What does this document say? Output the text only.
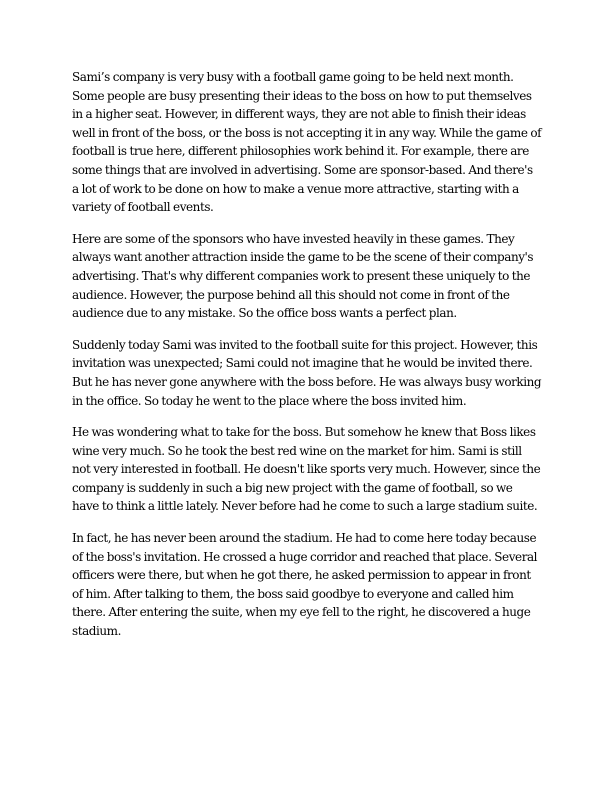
Sami’s company is very busy with a football game going to be held next month. Some people are busy presenting their ideas to the boss on how to put themselves in a higher seat. However, in different ways, they are not able to finish their ideas well in front of the boss, or the boss is not accepting it in any way. While the game of football is true here, different philosophies work behind it. For example, there are some things that are involved in advertising. Some are sponsor-based. And there's a lot of work to be done on how to make a venue more attractive, starting with a variety of football events.

Here are some of the sponsors who have invested heavily in these games. They always want another attraction inside the game to be the scene of their company's advertising. That's why different companies work to present these uniquely to the audience. However, the purpose behind all this should not come in front of the audience due to any mistake. So the office boss wants a perfect plan.

Suddenly today Sami was invited to the football suite for this project. However, this invitation was unexpected; Sami could not imagine that he would be invited there. But he has never gone anywhere with the boss before. He was always busy working in the office. So today he went to the place where the boss invited him.

He was wondering what to take for the boss. But somehow he knew that Boss likes wine very much. So he took the best red wine on the market for him. Sami is still not very interested in football. He doesn't like sports very much. However, since the company is suddenly in such a big new project with the game of football, so we have to think a little lately. Never before had he come to such a large stadium suite.

In fact, he has never been around the stadium. He had to come here today because of the boss's invitation. He crossed a huge corridor and reached that place. Several officers were there, but when he got there, he asked permission to appear in front of him. After talking to them, the boss said goodbye to everyone and called him there. After entering the suite, when my eye fell to the right, he discovered a huge stadium.
